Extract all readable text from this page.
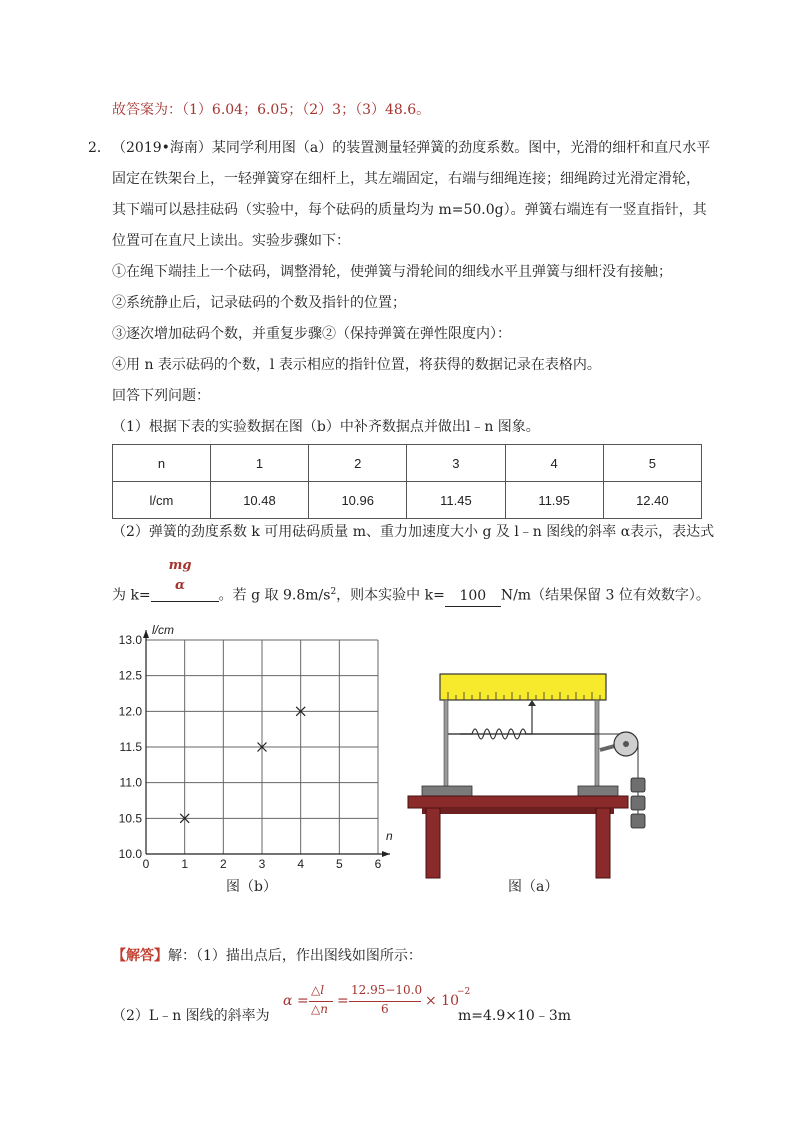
故答案为：（1）6.04；6.05；（2）3；（3）48.6。
2． （2019•海南）某同学利用图（a）的装置测量轻弹簧的劲度系数。图中，光滑的细杆和直尺水平
固定在铁架台上，一轻弹簧穿在细杆上，其左端固定，右端与细绳连接；细绳跨过光滑定滑轮，
其下端可以悬挂砝码（实验中，每个砝码的质量均为 m=50.0g）。弹簧右端连有一竖直指针，其
位置可在直尺上读出。实验步骤如下：
①在绳下端挂上一个砝码，调整滑轮，使弹簧与滑轮间的细线水平且弹簧与细杆没有接触；
②系统静止后，记录砝码的个数及指针的位置；
③逐次增加砝码个数，并重复步骤②（保持弹簧在弹性限度内）：
④用 n 表示砝码的个数，l 表示相应的指针位置，将获得的数据记录在表格内。
回答下列问题：
（1）根据下表的实验数据在图（b）中补齐数据点并做出l﹣n 图象。
n	1	2	3	4	5
l/cm	10.48	10.96	11.45	11.95	12.40
（2）弹簧的劲度系数 k 可用砝码质量 m、重力加速度大小 g 及 l﹣n 图线的斜率 α表示，表达式
mg
α
为 k=	。若 g 取 $9.8m/s^2$，则本实验中 k= 100 N/m（结果保留 3 位有效数字）。
0	1	2	3	4	5	6
10.0
10.5
11.0
11.5
12.0
12.5
13.0
l/cm
n
图（b）	图（a）
【解答】解：（1）描出点后，作出图线如图所示：
α =
△l
△n =
12.95−10.0
6	× 10
−2
（2）L﹣n 图线的斜率为	m=4.9×10﹣3m
